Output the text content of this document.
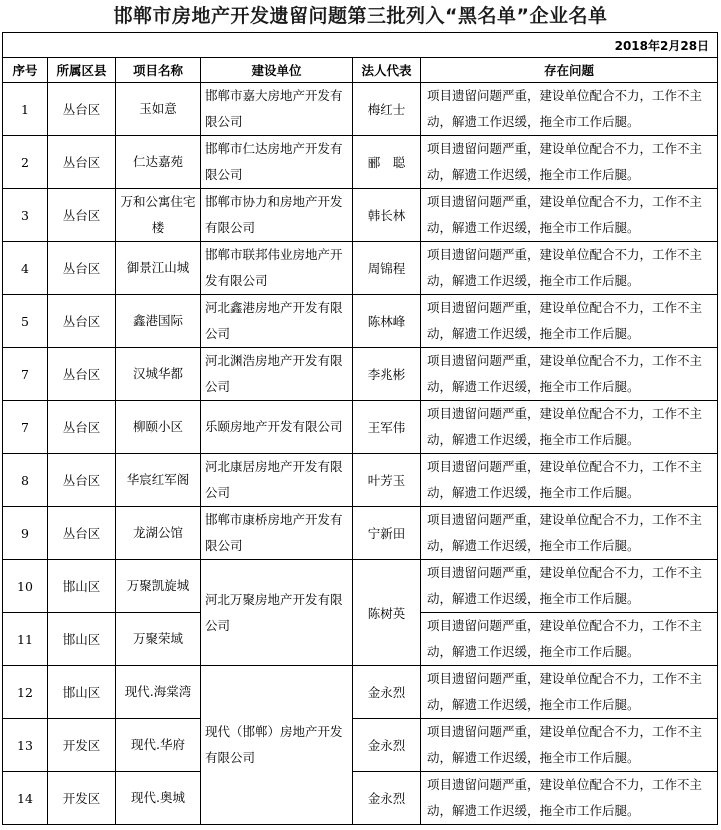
邯郸市房地产开发遗留问题第三批列入“黑名单”企业名单
2018年2月28日					
序号	所属区县	项目名称	建设单位	法人代表	存在问题
1	丛台区	玉如意	邯郸市嘉大房地产开发有限公司	梅红士	项目遗留问题严重，建设单位配合不力，工作不主动，解遗工作迟缓，拖全市工作后腿。
2	丛台区	仁达嘉苑	邯郸市仁达房地产开发有限公司	郦　聪	项目遗留问题严重，建设单位配合不力，工作不主动，解遗工作迟缓，拖全市工作后腿。
3	丛台区	万和公寓住宅楼	邯郸市协力和房地产开发有限公司	韩长林	项目遗留问题严重，建设单位配合不力，工作不主动，解遗工作迟缓，拖全市工作后腿。
4	丛台区	御景江山城	邯郸市联邦伟业房地产开发有限公司	周锦程	项目遗留问题严重，建设单位配合不力，工作不主动，解遗工作迟缓，拖全市工作后腿。
5	丛台区	鑫港国际	河北鑫港房地产开发有限公司	陈林峰	项目遗留问题严重，建设单位配合不力，工作不主动，解遗工作迟缓，拖全市工作后腿。
7	丛台区	汉城华都	河北渊浩房地产开发有限公司	李兆彬	项目遗留问题严重，建设单位配合不力，工作不主动，解遗工作迟缓，拖全市工作后腿。
7	丛台区	柳颐小区	乐颐房地产开发有限公司	王军伟	项目遗留问题严重，建设单位配合不力，工作不主动，解遗工作迟缓，拖全市工作后腿。
8	丛台区	华宸红军阁	河北康居房地产开发有限公司	叶芳玉	项目遗留问题严重，建设单位配合不力，工作不主动，解遗工作迟缓，拖全市工作后腿。
9	丛台区	龙湖公馆	邯郸市康桥房地产开发有限公司	宁新田	项目遗留问题严重，建设单位配合不力，工作不主动，解遗工作迟缓，拖全市工作后腿。
10	邯山区	万聚凯旋城	河北万聚房地产开发有限公司	陈树英	项目遗留问题严重，建设单位配合不力，工作不主动，解遗工作迟缓，拖全市工作后腿。
11	邯山区	万聚荣域			项目遗留问题严重，建设单位配合不力，工作不主动，解遗工作迟缓，拖全市工作后腿。
12	邯山区	现代.海棠湾	现代（邯郸）房地产开发有限公司	金永烈	项目遗留问题严重，建设单位配合不力，工作不主动，解遗工作迟缓，拖全市工作后腿。
13	开发区	现代.华府		金永烈	项目遗留问题严重，建设单位配合不力，工作不主动，解遗工作迟缓，拖全市工作后腿。
14	开发区	现代.奥城		金永烈	项目遗留问题严重，建设单位配合不力，工作不主动，解遗工作迟缓，拖全市工作后腿。
